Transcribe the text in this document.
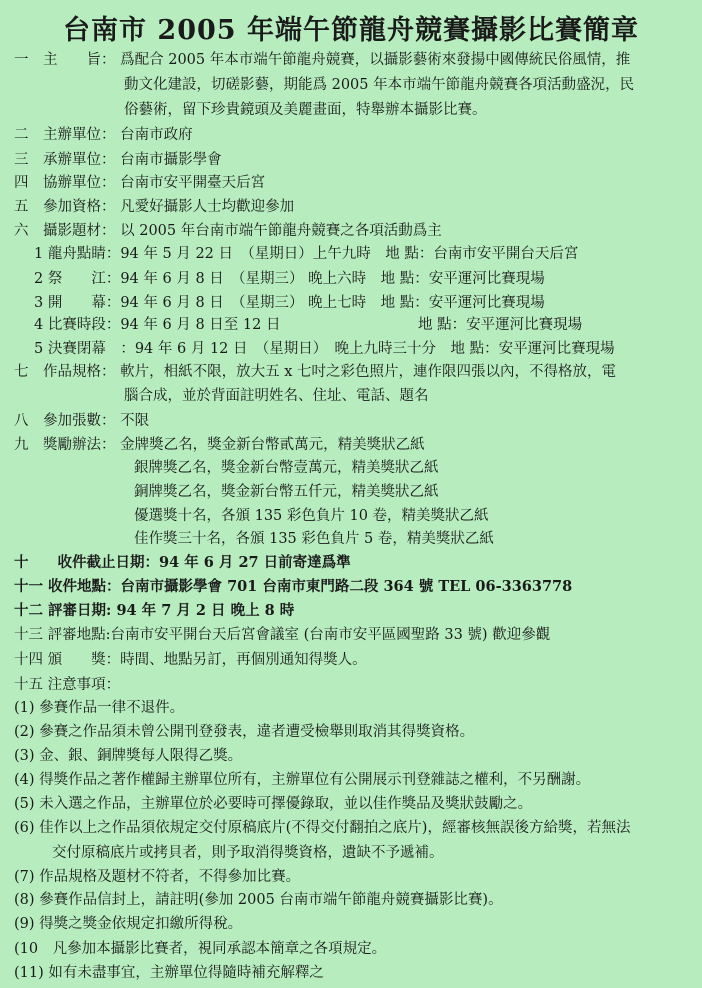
台南市 2005 年端午節龍舟競賽攝影比賽簡章
一　主　　旨： 爲配合 2005 年本市端午節龍舟競賽，以攝影藝術來發揚中國傳統民俗風情，推
動文化建設，切磋影藝，期能爲 2005 年本市端午節龍舟競賽各項活動盛況，民
俗藝術，留下珍貴鏡頭及美麗畫面，特舉辦本攝影比賽。
二　主辦單位： 台南市政府
三　承辦單位： 台南市攝影學會
四　協辦單位： 台南市安平開臺天后宮
五　參加資格： 凡愛好攝影人士均歡迎參加
六　攝影題材： 以 2005 年台南市端午節龍舟競賽之各項活動爲主
1 龍舟點睛：94 年 5 月 22 日　（星期日）上午九時　地 點：台南市安平開台天后宮
2 祭　　江：94 年 6 月 8 日　（星期三） 晚上六時　地 點：安平運河比賽現場
3 開　　幕：94 年 6 月 8 日　（星期三） 晚上七時　地 點：安平運河比賽現場
4 比賽時段：94 年 6 月 8 日至 12 日	地 點：安平運河比賽現場
5 決賽閉幕　：94 年 6 月 12 日　（星期日）　晚上九時三十分　地 點：安平運河比賽現場
七　作品規格： 軟片，相紙不限，放大五 x 七吋之彩色照片，連作限四張以內，不得格放，電
腦合成，並於背面註明姓名、住址、電話、題名
八　參加張數： 不限
九　獎勵辦法： 金牌獎乙名，獎金新台幣貳萬元，精美獎狀乙紙
銀牌獎乙名，獎金新台幣壹萬元，精美獎狀乙紙
銅牌獎乙名，獎金新台幣五仟元，精美獎狀乙紙
優選獎十名，各頒 135 彩色負片 10 卷，精美獎狀乙紙
佳作獎三十名，各頒 135 彩色負片 5 卷，精美獎狀乙紙
十　　收件截止日期：94 年 6 月 27 日前寄達爲準
十一 收件地點：台南市攝影學會 701 台南市東門路二段 364 號 TEL 06-3363778
十二 評審日期: 94 年 7 月 2 日 晚上 8 時
十三 評審地點:台南市安平開台天后宮會議室 (台南市安平區國聖路 33 號) 歡迎參觀
十四 頒　　獎：時間、地點另訂，再個別通知得獎人。
十五 注意事項：
(1) 參賽作品一律不退件。
(2) 參賽之作品須未曾公開刊登發表，違者遭受檢舉則取消其得獎資格。
(3) 金、銀、銅牌獎每人限得乙獎。
(4) 得獎作品之著作權歸主辦單位所有，主辦單位有公開展示刊登雜誌之權利，不另酬謝。
(5) 未入選之作品，主辦單位於必要時可擇優錄取，並以佳作獎品及獎狀鼓勵之。
(6) 佳作以上之作品須依規定交付原稿底片(不得交付翻拍之底片)，經審核無誤後方給獎，若無法
交付原稿底片或拷貝者，則予取消得獎資格，遺缺不予遞補。
(7) 作品規格及題材不符者，不得參加比賽。
(8) 參賽作品信封上，請註明(參加 2005 台南市端午節龍舟競賽攝影比賽)。
(9) 得獎之獎金依規定扣繳所得稅。
(10　凡參加本攝影比賽者，視同承認本簡章之各項規定。
(11) 如有未盡事宜，主辦單位得隨時補充解釋之
